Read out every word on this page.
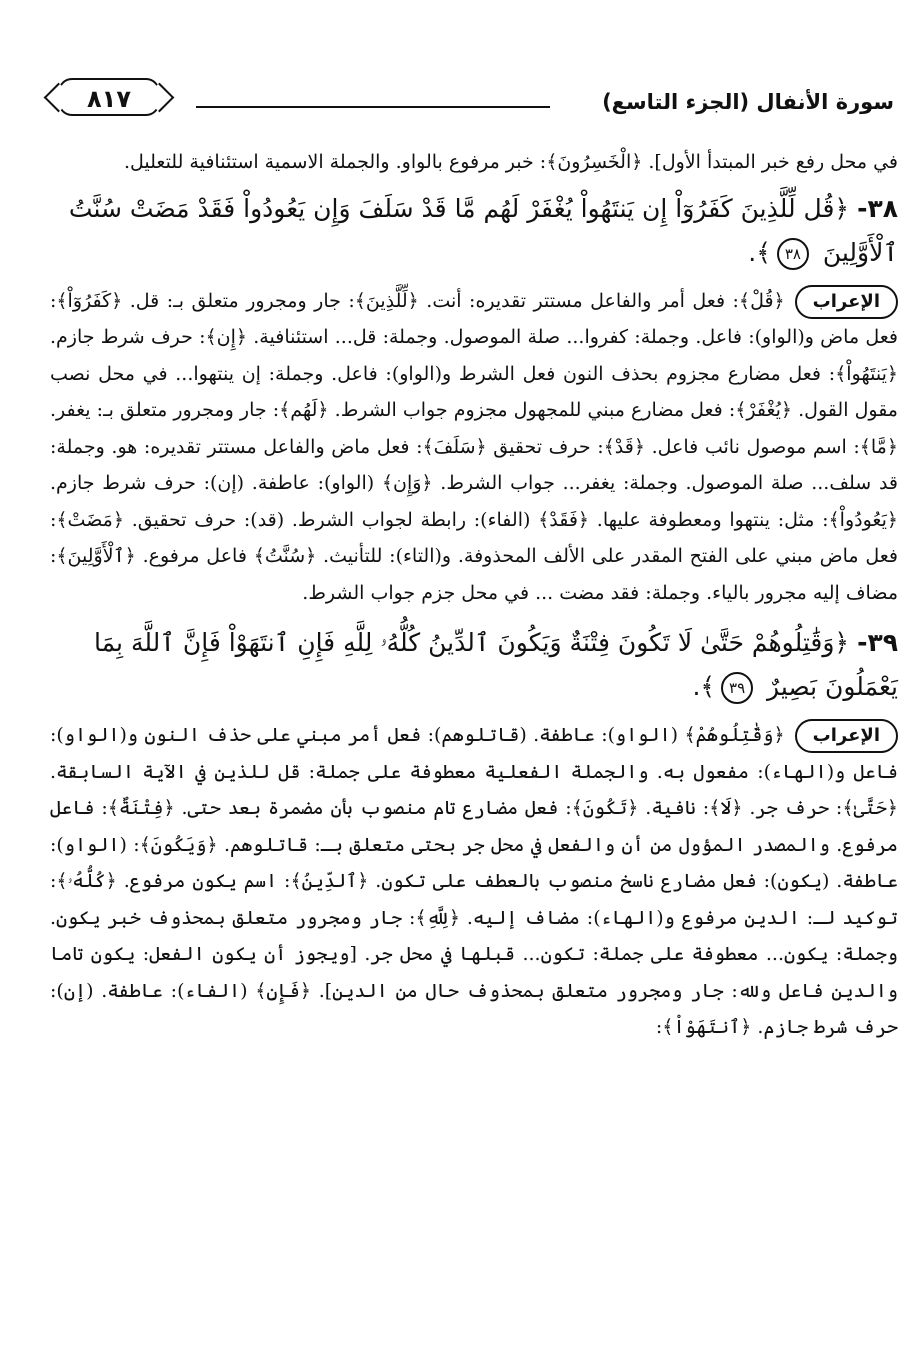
سورة الأنفال (الجزء التاسع)
٨١٧

في محل رفع خبر المبتدأ الأول]. ﴿الْخَسِرُونَ﴾: خبر مرفوع بالواو. والجملة الاسمية استئنافية للتعليل.

٣٨-﴿قُل لِّلَّذِينَ كَفَرُوٓاْ إِن يَنتَهُواْ يُغْفَرْ لَهُم مَّا قَدْ سَلَفَ وَإِن يَعُودُواْ فَقَدْ مَضَتْ سُنَّتُ ٱلْأَوَّلِينَ ٣٨﴾.

الإعراب﴿قُلْ﴾: فعل أمر والفاعل مستتر تقديره: أنت. ﴿لِّلَّذِينَ﴾: جار ومجرور متعلق بـ: قل. ﴿كَفَرُوٓاْ﴾: فعل ماض و(الواو): فاعل. وجملة: كفروا... صلة الموصول. وجملة: قل... استئنافية. ﴿إِن﴾: حرف شرط جازم. ﴿يَنتَهُواْ﴾: فعل مضارع مجزوم بحذف النون فعل الشرط و(الواو): فاعل. وجملة: إن ينتهوا... في محل نصب مقول القول. ﴿يُغْفَرْ﴾: فعل مضارع مبني للمجهول مجزوم جواب الشرط. ﴿لَهُم﴾: جار ومجرور متعلق بـ: يغفر. ﴿مَّا﴾: اسم موصول نائب فاعل. ﴿قَدْ﴾: حرف تحقيق ﴿سَلَفَ﴾: فعل ماض والفاعل مستتر تقديره: هو. وجملة: قد سلف... صلة الموصول. وجملة: يغفر... جواب الشرط. ﴿وَإِن﴾ (الواو): عاطفة. (إن): حرف شرط جازم. ﴿يَعُودُواْ﴾: مثل: ينتهوا ومعطوفة عليها. ﴿فَقَدْ﴾ (الفاء): رابطة لجواب الشرط. (قد): حرف تحقيق. ﴿مَضَتْ﴾: فعل ماض مبني على الفتح المقدر على الألف المحذوفة. و(التاء): للتأنيث. ﴿سُنَّتُ﴾ فاعل مرفوع. ﴿ٱلْأَوَّلِينَ﴾: مضاف إليه مجرور بالياء. وجملة: فقد مضت ... في محل جزم جواب الشرط.

٣٩-﴿وَقَٰتِلُوهُمْ حَتَّىٰ لَا تَكُونَ فِتْنَةٌ وَيَكُونَ ٱلدِّينُ كُلُّهُۥ لِلَّهِ فَإِنِ ٱنتَهَوْاْ فَإِنَّ ٱللَّهَ بِمَا يَعْمَلُونَ بَصِيرٌ ٣٩﴾.

الإعراب﴿وَقَٰتِلُوهُمْ﴾ (الواو): عاطفة. (قاتلوهم): فعل أمر مبني على حذف النون و(الواو): فاعل و(الهاء): مفعول به. والجملة الفعلية معطوفة على جملة: قل للذين في الآية السابقة. ﴿حَتَّىٰ﴾: حرف جر. ﴿لَا﴾: نافية. ﴿تَكُونَ﴾: فعل مضارع تام منصوب بأن مضمرة بعد حتى. ﴿فِتْنَةٌ﴾: فاعل مرفوع. والمصدر المؤول من أن والفعل في محل جر بحتى متعلق بـ: قاتلوهم. ﴿وَيَكُونَ﴾: (الواو): عاطفة. (يكون): فعل مضارع ناسخ منصوب بالعطف على تكون. ﴿ٱلدِّينُ﴾: اسم يكون مرفوع. ﴿كُلُّهُۥ﴾: توكيد لـ: الدين مرفوع و(الهاء): مضاف إليه. ﴿لِلَّهِ﴾: جار ومجرور متعلق بمحذوف خبر يكون. وجملة: يكون... معطوفة على جملة: تكون... قبلها في محل جر. [ويجوز أن يكون الفعل: يكون تاما والدين فاعل ولله: جار ومجرور متعلق بمحذوف حال من الدين]. ﴿فَإِنِ﴾ (الفاء): عاطفة. (إن): حرف شرط جازم. ﴿ٱنتَهَوْاْ﴾:
